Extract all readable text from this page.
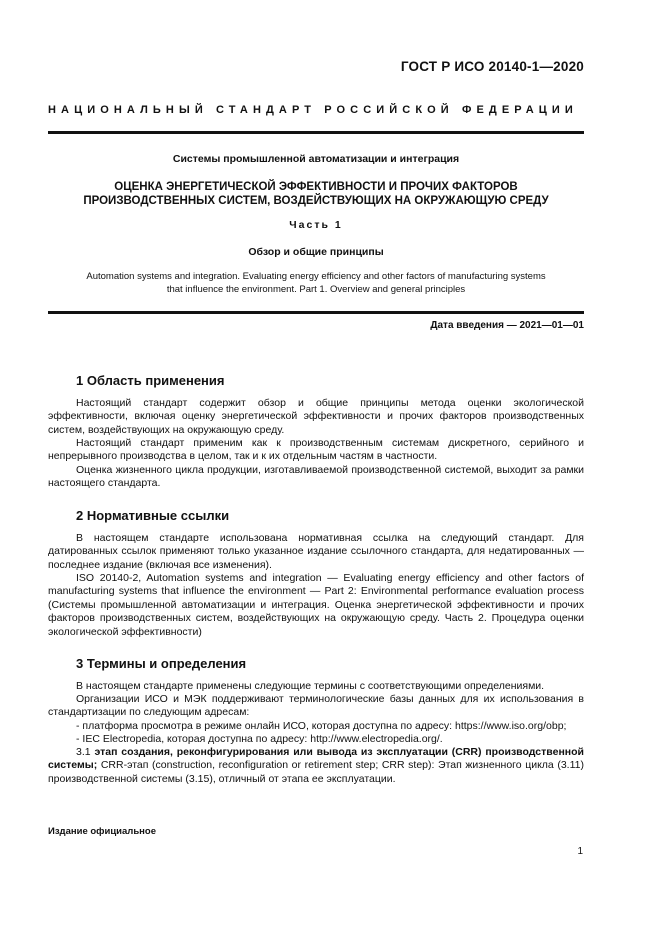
ГОСТ Р ИСО 20140-1—2020
НАЦИОНАЛЬНЫЙ СТАНДАРТ РОССИЙСКОЙ ФЕДЕРАЦИИ
Системы промышленной автоматизации и интеграция
ОЦЕНКА ЭНЕРГЕТИЧЕСКОЙ ЭФФЕКТИВНОСТИ И ПРОЧИХ ФАКТОРОВ
ПРОИЗВОДСТВЕННЫХ СИСТЕМ, ВОЗДЕЙСТВУЮЩИХ НА ОКРУЖАЮЩУЮ СРЕДУ
Часть 1
Обзор и общие принципы
Automation systems and integration. Evaluating energy efficiency and other factors of manufacturing systems
that influence the environment. Part 1. Overview and general principles
Дата введения — 2021—01—01
1 Область применения

Настоящий стандарт содержит обзор и общие принципы метода оценки экологической эффективности, включая оценку энергетической эффективности и прочих факторов производственных систем, воздействующих на окружающую среду.

Настоящий стандарт применим как к производственным системам дискретного, серийного и непрерывного производства в целом, так и к их отдельным частям в частности.

Оценка жизненного цикла продукции, изготавливаемой производственной системой, выходит за рамки настоящего стандарта.

2 Нормативные ссылки

В настоящем стандарте использована нормативная ссылка на следующий стандарт. Для датированных ссылок применяют только указанное издание ссылочного стандарта, для недатированных — последнее издание (включая все изменения).

ISO 20140-2, Automation systems and integration — Evaluating energy efficiency and other factors of manufacturing systems that influence the environment — Part 2: Environmental performance evaluation process (Системы промышленной автоматизации и интеграция. Оценка энергетической эффективности и прочих факторов производственных систем, воздействующих на окружающую среду. Часть 2. Процедура оценки экологической эффективности)

3 Термины и определения

В настоящем стандарте применены следующие термины с соответствующими определениями.

Организации ИСО и МЭК поддерживают терминологические базы данных для их использования в стандартизации по следующим адресам:

- платформа просмотра в режиме онлайн ИСО, которая доступна по адресу: https://www.iso.org/obp;

- IEC Electropedia, которая доступна по адресу: http://www.electropedia.org/.

3.1 этап создания, реконфигурирования или вывода из эксплуатации (CRR) производственной системы; CRR-этап (construction, reconfiguration or retirement step; CRR step): Этап жизненного цикла (3.11) производственной системы (3.15), отличный от этапа ее эксплуатации.

Издание официальное
1
